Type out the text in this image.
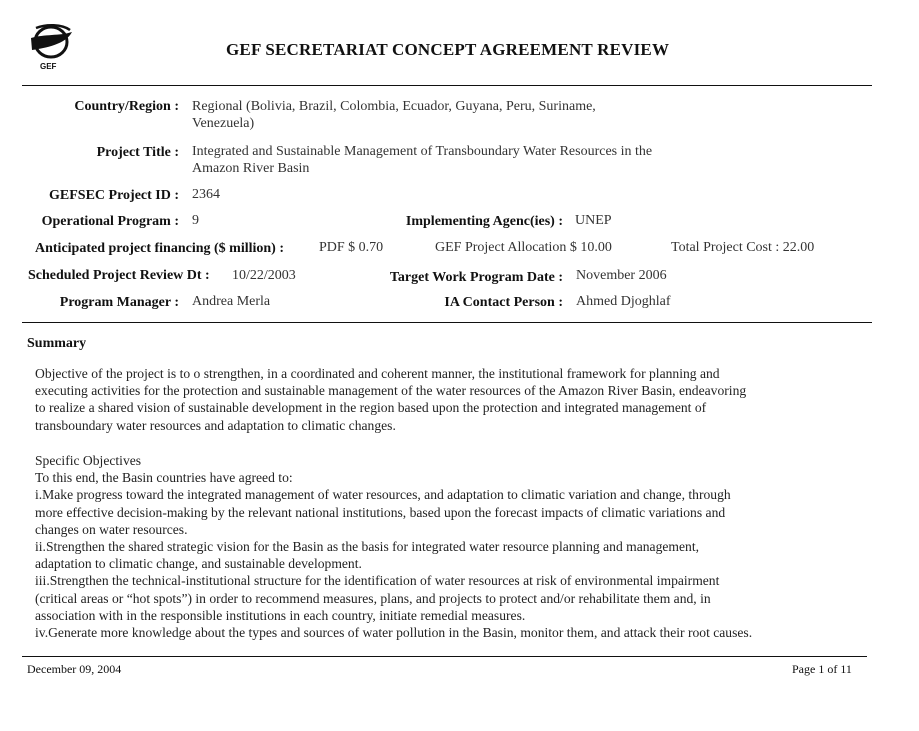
GEF
GEF SECRETARIAT CONCEPT AGREEMENT REVIEW
Country/Region : Regional (Bolivia, Brazil, Colombia, Ecuador, Guyana, Peru, Suriname,
Venezuela)
Project Title : Integrated and Sustainable Management of Transboundary Water Resources in the
Amazon River Basin
GEFSEC Project ID : 2364
Operational Program : 9	Implementing Agenc(ies) : UNEP
Anticipated project financing ($ million) : PDF $ 0.70	GEF Project Allocation $ 10.00	Total Project Cost : 22.00
Scheduled Project Review Dt : 10/22/2003	Target Work Program Date : November 2006
Program Manager : Andrea Merla	IA Contact Person : Ahmed Djoghlaf
Summary
Objective of the project is to o strengthen, in a coordinated and coherent manner, the institutional framework for planning and
executing activities for the protection and sustainable management of the water resources of the Amazon River Basin, endeavoring
to realize a shared vision of sustainable development in the region based upon the protection and integrated management of
transboundary water resources and adaptation to climatic changes.
Specific Objectives
To this end, the Basin countries have agreed to:
i.Make progress toward the integrated management of water resources, and adaptation to climatic variation and change, through
more effective decision-making by the relevant national institutions, based upon the forecast impacts of climatic variations and
changes on water resources.
ii.Strengthen the shared strategic vision for the Basin as the basis for integrated water resource planning and management,
adaptation to climatic change, and sustainable development.
iii.Strengthen the technical-institutional structure for the identification of water resources at risk of environmental impairment
(critical areas or “hot spots”) in order to recommend measures, plans, and projects to protect and/or rehabilitate them and, in
association with in the responsible institutions in each country, initiate remedial measures.
iv.Generate more knowledge about the types and sources of water pollution in the Basin, monitor them, and attack their root causes.
December 09, 2004	Page 1 of 11
